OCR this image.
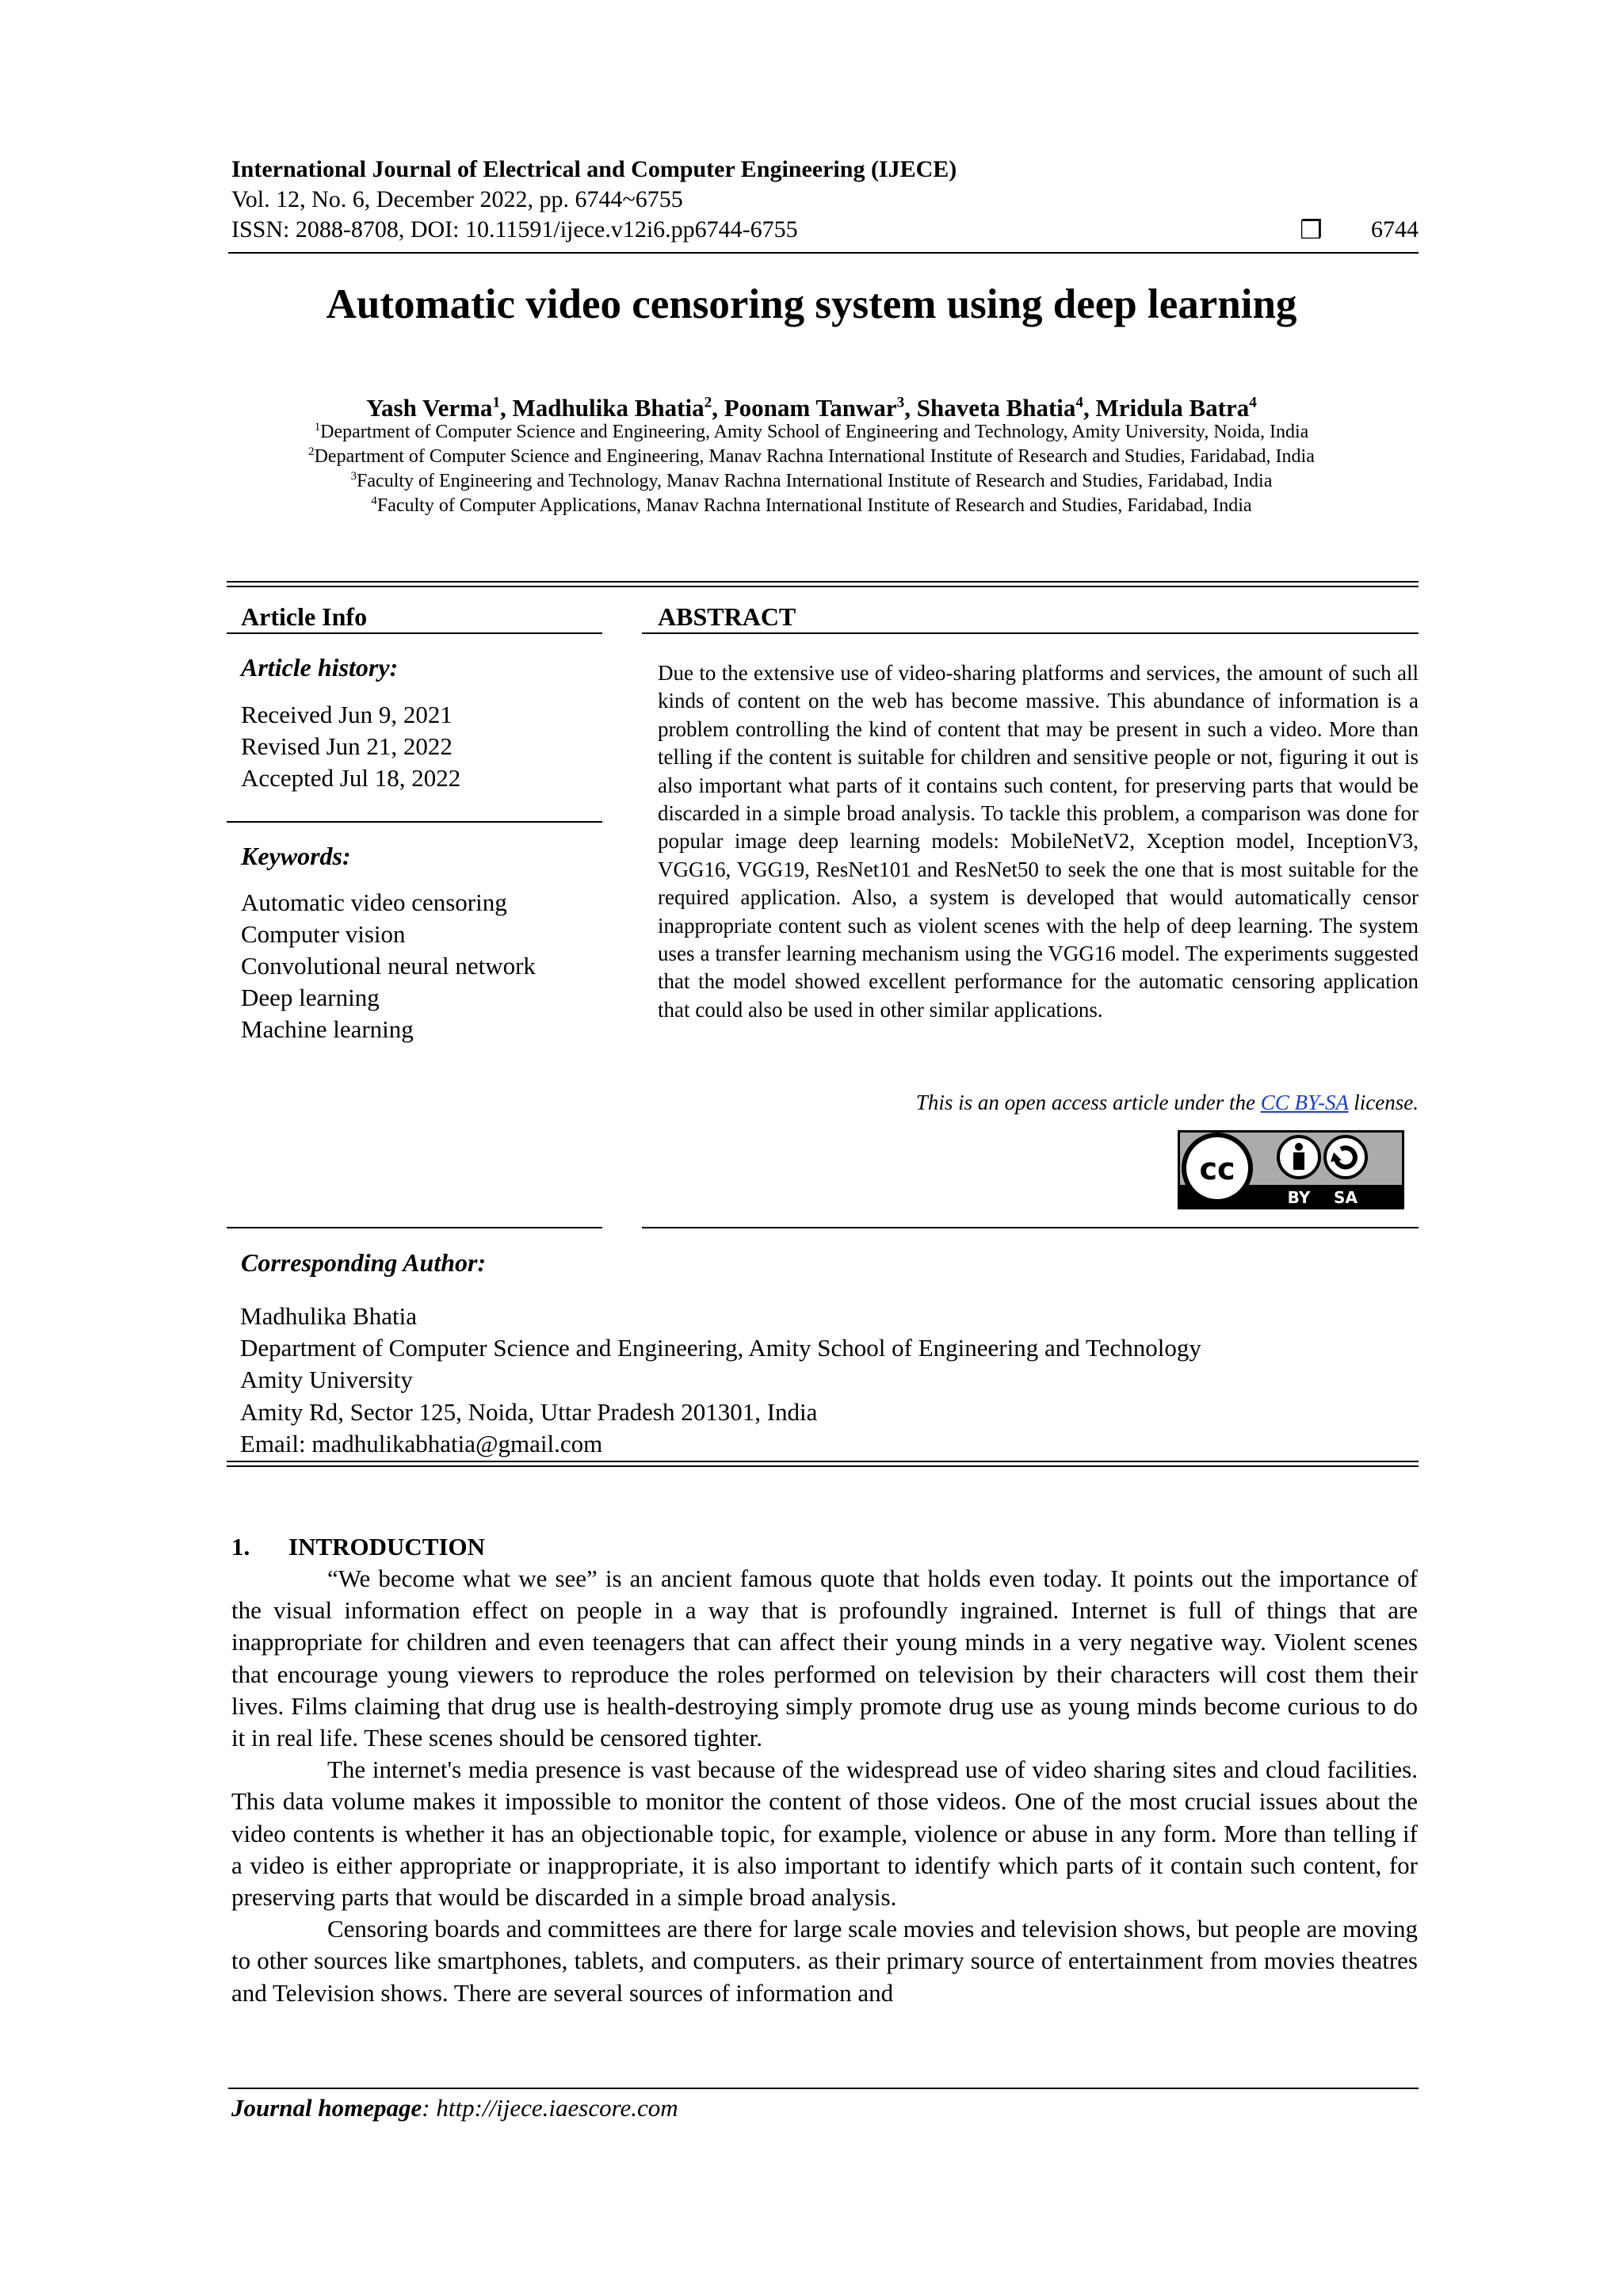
International Journal of Electrical and Computer Engineering (IJECE)
Vol. 12, No. 6, December 2022, pp. 6744~6755
ISSN: 2088-8708, DOI: 10.11591/ijece.v12i6.pp6744-6755	❒	6744
Automatic video censoring system using deep learning
Yash Verma$^1$, Madhulika Bhatia$^2$, Poonam Tanwar$^3$, Shaveta Bhatia$^4$, Mridula Batra$^4$
$^1$Department of Computer Science and Engineering, Amity School of Engineering and Technology, Amity University, Noida, India
$^2$Department of Computer Science and Engineering, Manav Rachna International Institute of Research and Studies, Faridabad, India
$^3$Faculty of Engineering and Technology, Manav Rachna International Institute of Research and Studies, Faridabad, India
$^4$Faculty of Computer Applications, Manav Rachna International Institute of Research and Studies, Faridabad, India
Article Info
Article history:
Received Jun 9, 2021
Revised Jun 21, 2022
Accepted Jul 18, 2022
Keywords:
Automatic video censoring
Computer vision
Convolutional neural network
Deep learning
Machine learning
ABSTRACT
Due to the extensive use of video-sharing platforms and services, the amount of such all kinds of content on the web has become massive. This abundance of information is a problem controlling the kind of content that may be present in such a video. More than telling if the content is suitable for children and sensitive people or not, figuring it out is also important what parts of it contains such content, for preserving parts that would be discarded in a simple broad analysis. To tackle this problem, a comparison was done for popular image deep learning models: MobileNetV2, Xception model, InceptionV3, VGG16, VGG19, ResNet101 and ResNet50 to seek the one that is most suitable for the required application. Also, a system is developed that would automatically censor inappropriate content such as violent scenes with the help of deep learning. The system uses a transfer learning mechanism using the VGG16 model. The experiments suggested that the model showed excellent performance for the automatic censoring application that could also be used in other similar applications.
This is an open access article under the CC BY-SA license.
cc
BY SA
Corresponding Author:
Madhulika Bhatia
Department of Computer Science and Engineering, Amity School of Engineering and Technology
Amity University
Amity Rd, Sector 125, Noida, Uttar Pradesh 201301, India
Email: madhulikabhatia@gmail.com
1. INTRODUCTION

“We become what we see” is an ancient famous quote that holds even today. It points out the importance of the visual information effect on people in a way that is profoundly ingrained. Internet is full of things that are inappropriate for children and even teenagers that can affect their young minds in a very negative way. Violent scenes that encourage young viewers to reproduce the roles performed on television by their characters will cost them their lives. Films claiming that drug use is health-destroying simply promote drug use as young minds become curious to do it in real life. These scenes should be censored tighter.

The internet's media presence is vast because of the widespread use of video sharing sites and cloud facilities. This data volume makes it impossible to monitor the content of those videos. One of the most crucial issues about the video contents is whether it has an objectionable topic, for example, violence or abuse in any form. More than telling if a video is either appropriate or inappropriate, it is also important to identify which parts of it contain such content, for preserving parts that would be discarded in a simple broad analysis.

Censoring boards and committees are there for large scale movies and television shows, but people are moving to other sources like smartphones, tablets, and computers. as their primary source of entertainment from movies theatres and Television shows. There are several sources of information and

Journal homepage: http://ijece.iaescore.com
